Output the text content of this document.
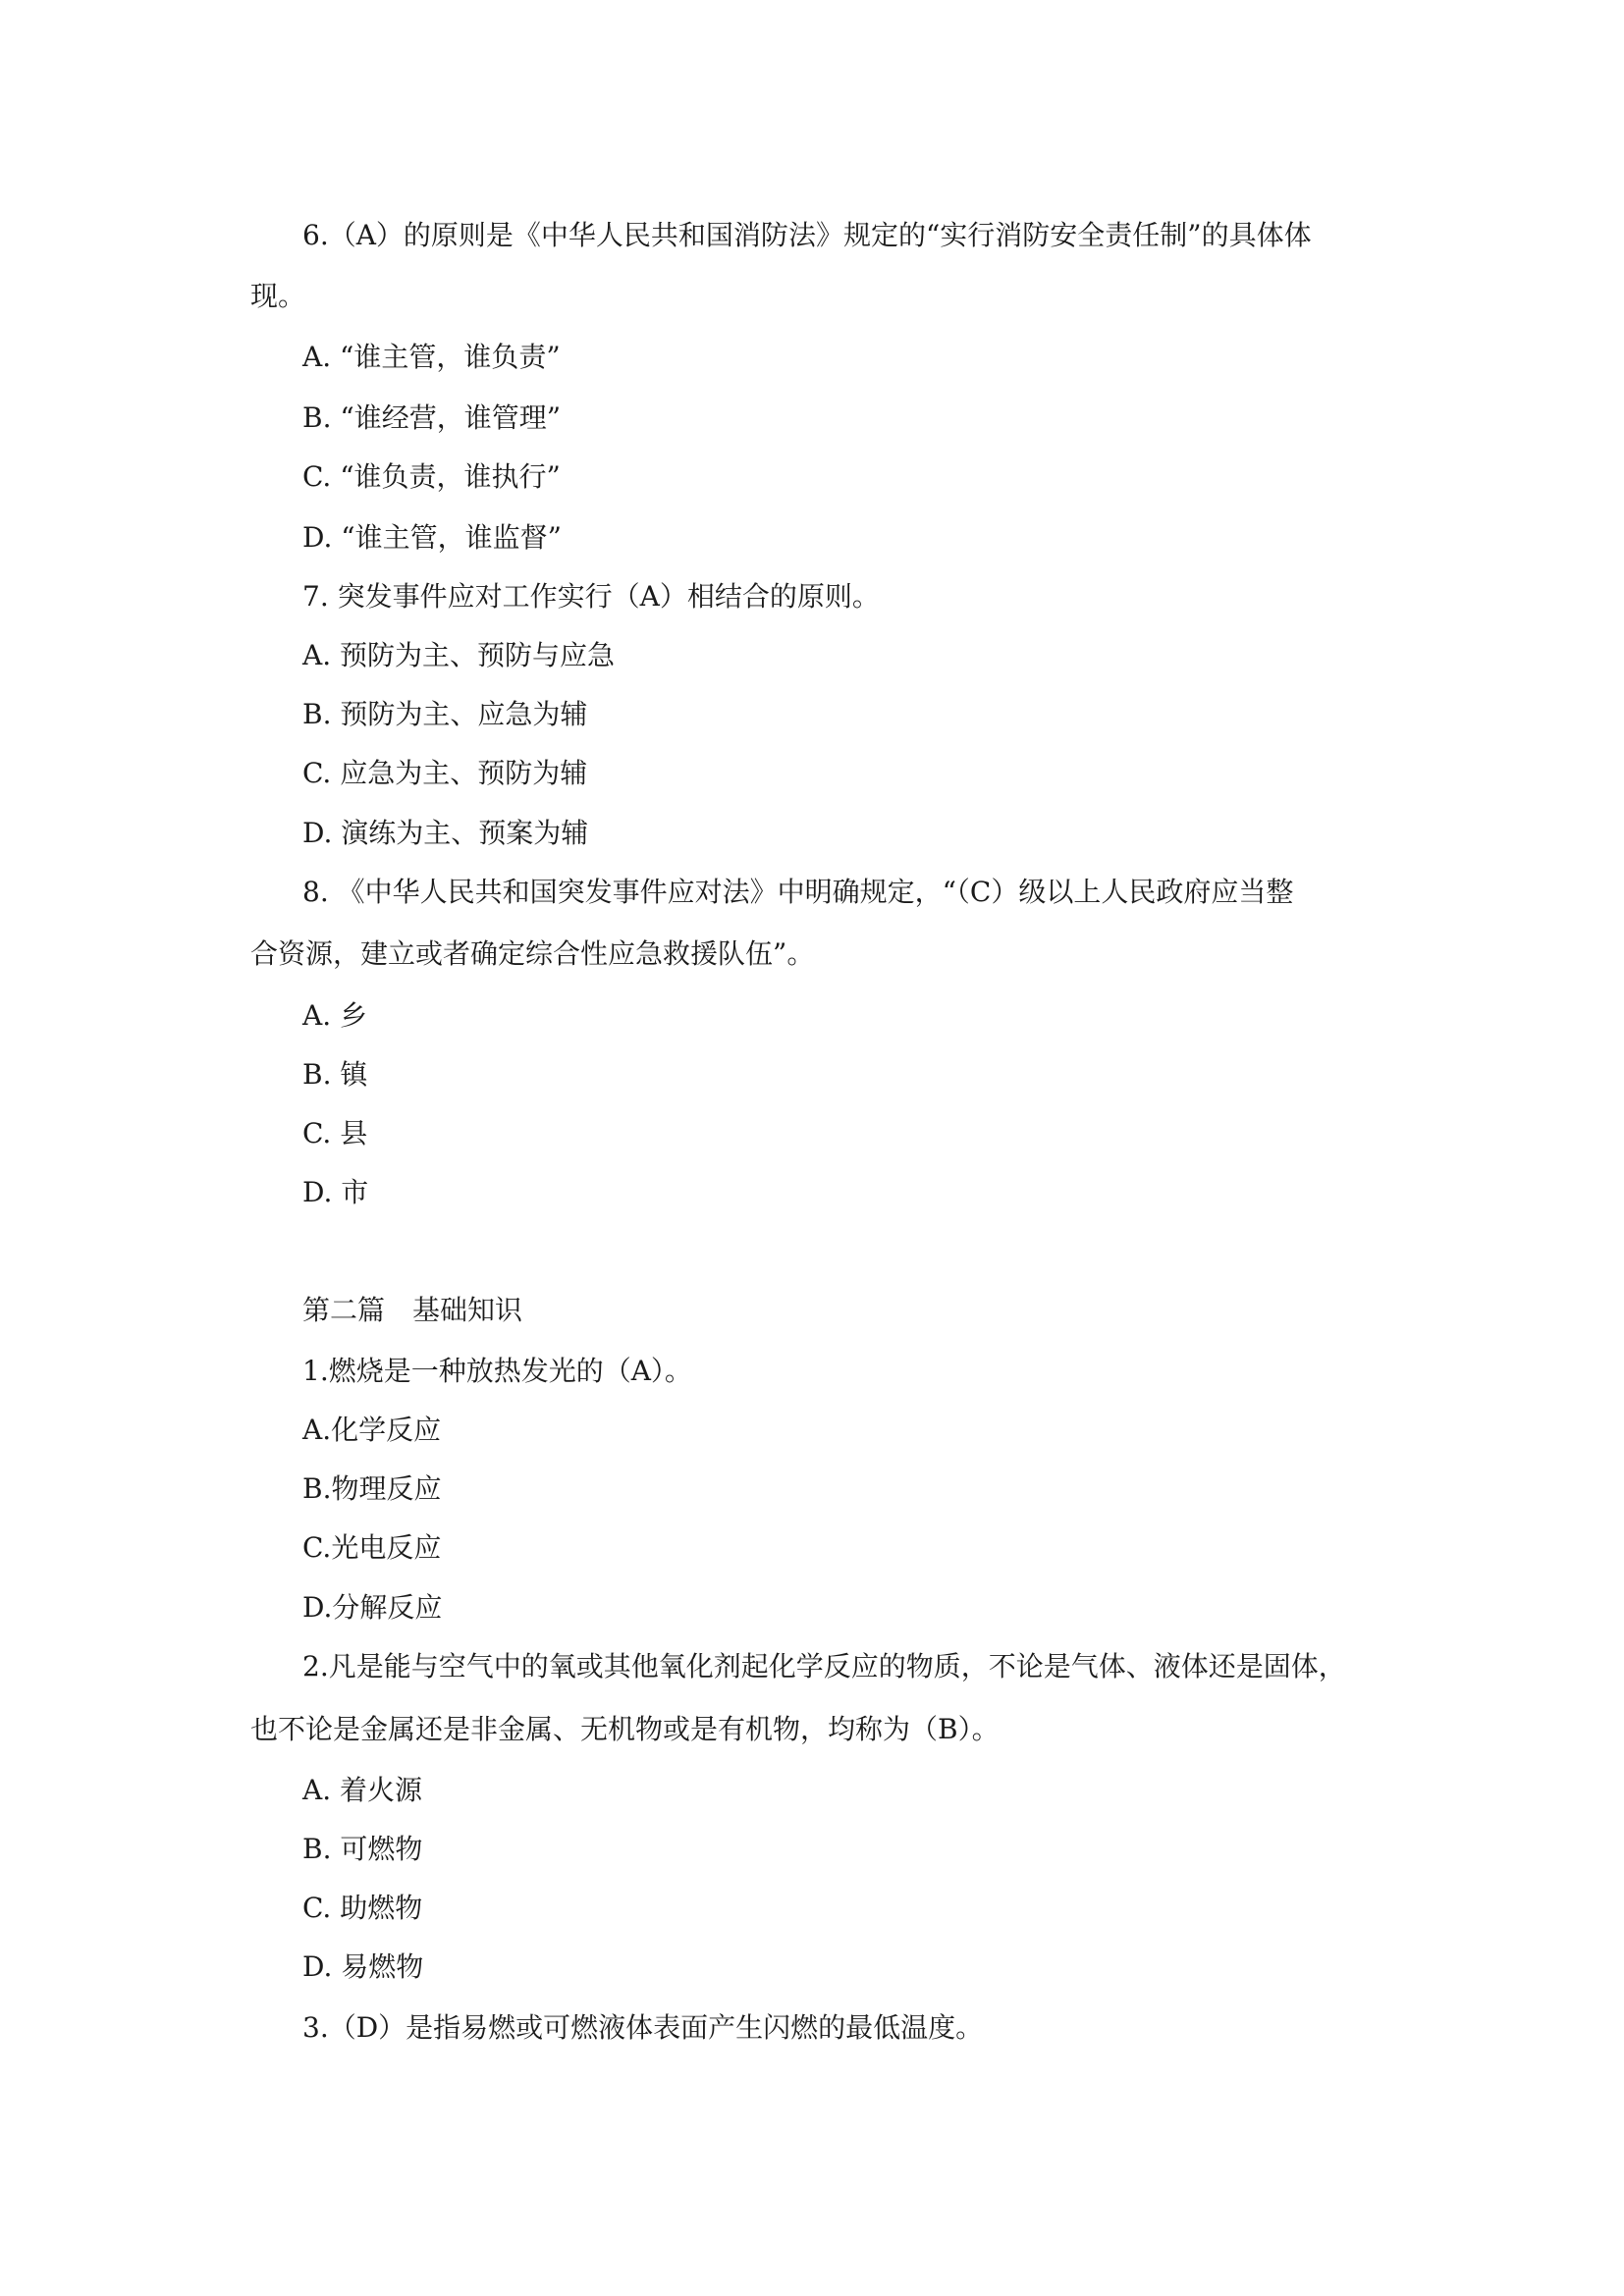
6.（A）的原则是《中华人民共和国消防法》规定的“实行消防安全责任制”的具体体
现。
A. “谁主管，谁负责”
B. “谁经营，谁管理”
C. “谁负责，谁执行”
D. “谁主管，谁监督”
7. 突发事件应对工作实行（A）相结合的原则。
A. 预防为主、预防与应急
B. 预防为主、应急为辅
C. 应急为主、预防为辅
D. 演练为主、预案为辅
8. 《中华人民共和国突发事件应对法》中明确规定，“（C）级以上人民政府应当整
合资源，建立或者确定综合性应急救援队伍”。
A. 乡
B. 镇
C. 县
D. 市
第二篇　基础知识
1.燃烧是一种放热发光的（A）。
A.化学反应
B.物理反应
C.光电反应
D.分解反应
2.凡是能与空气中的氧或其他氧化剂起化学反应的物质，不论是气体、液体还是固体，
也不论是金属还是非金属、无机物或是有机物，均称为（B）。
A. 着火源
B. 可燃物
C. 助燃物
D. 易燃物
3.（D）是指易燃或可燃液体表面产生闪燃的最低温度。
